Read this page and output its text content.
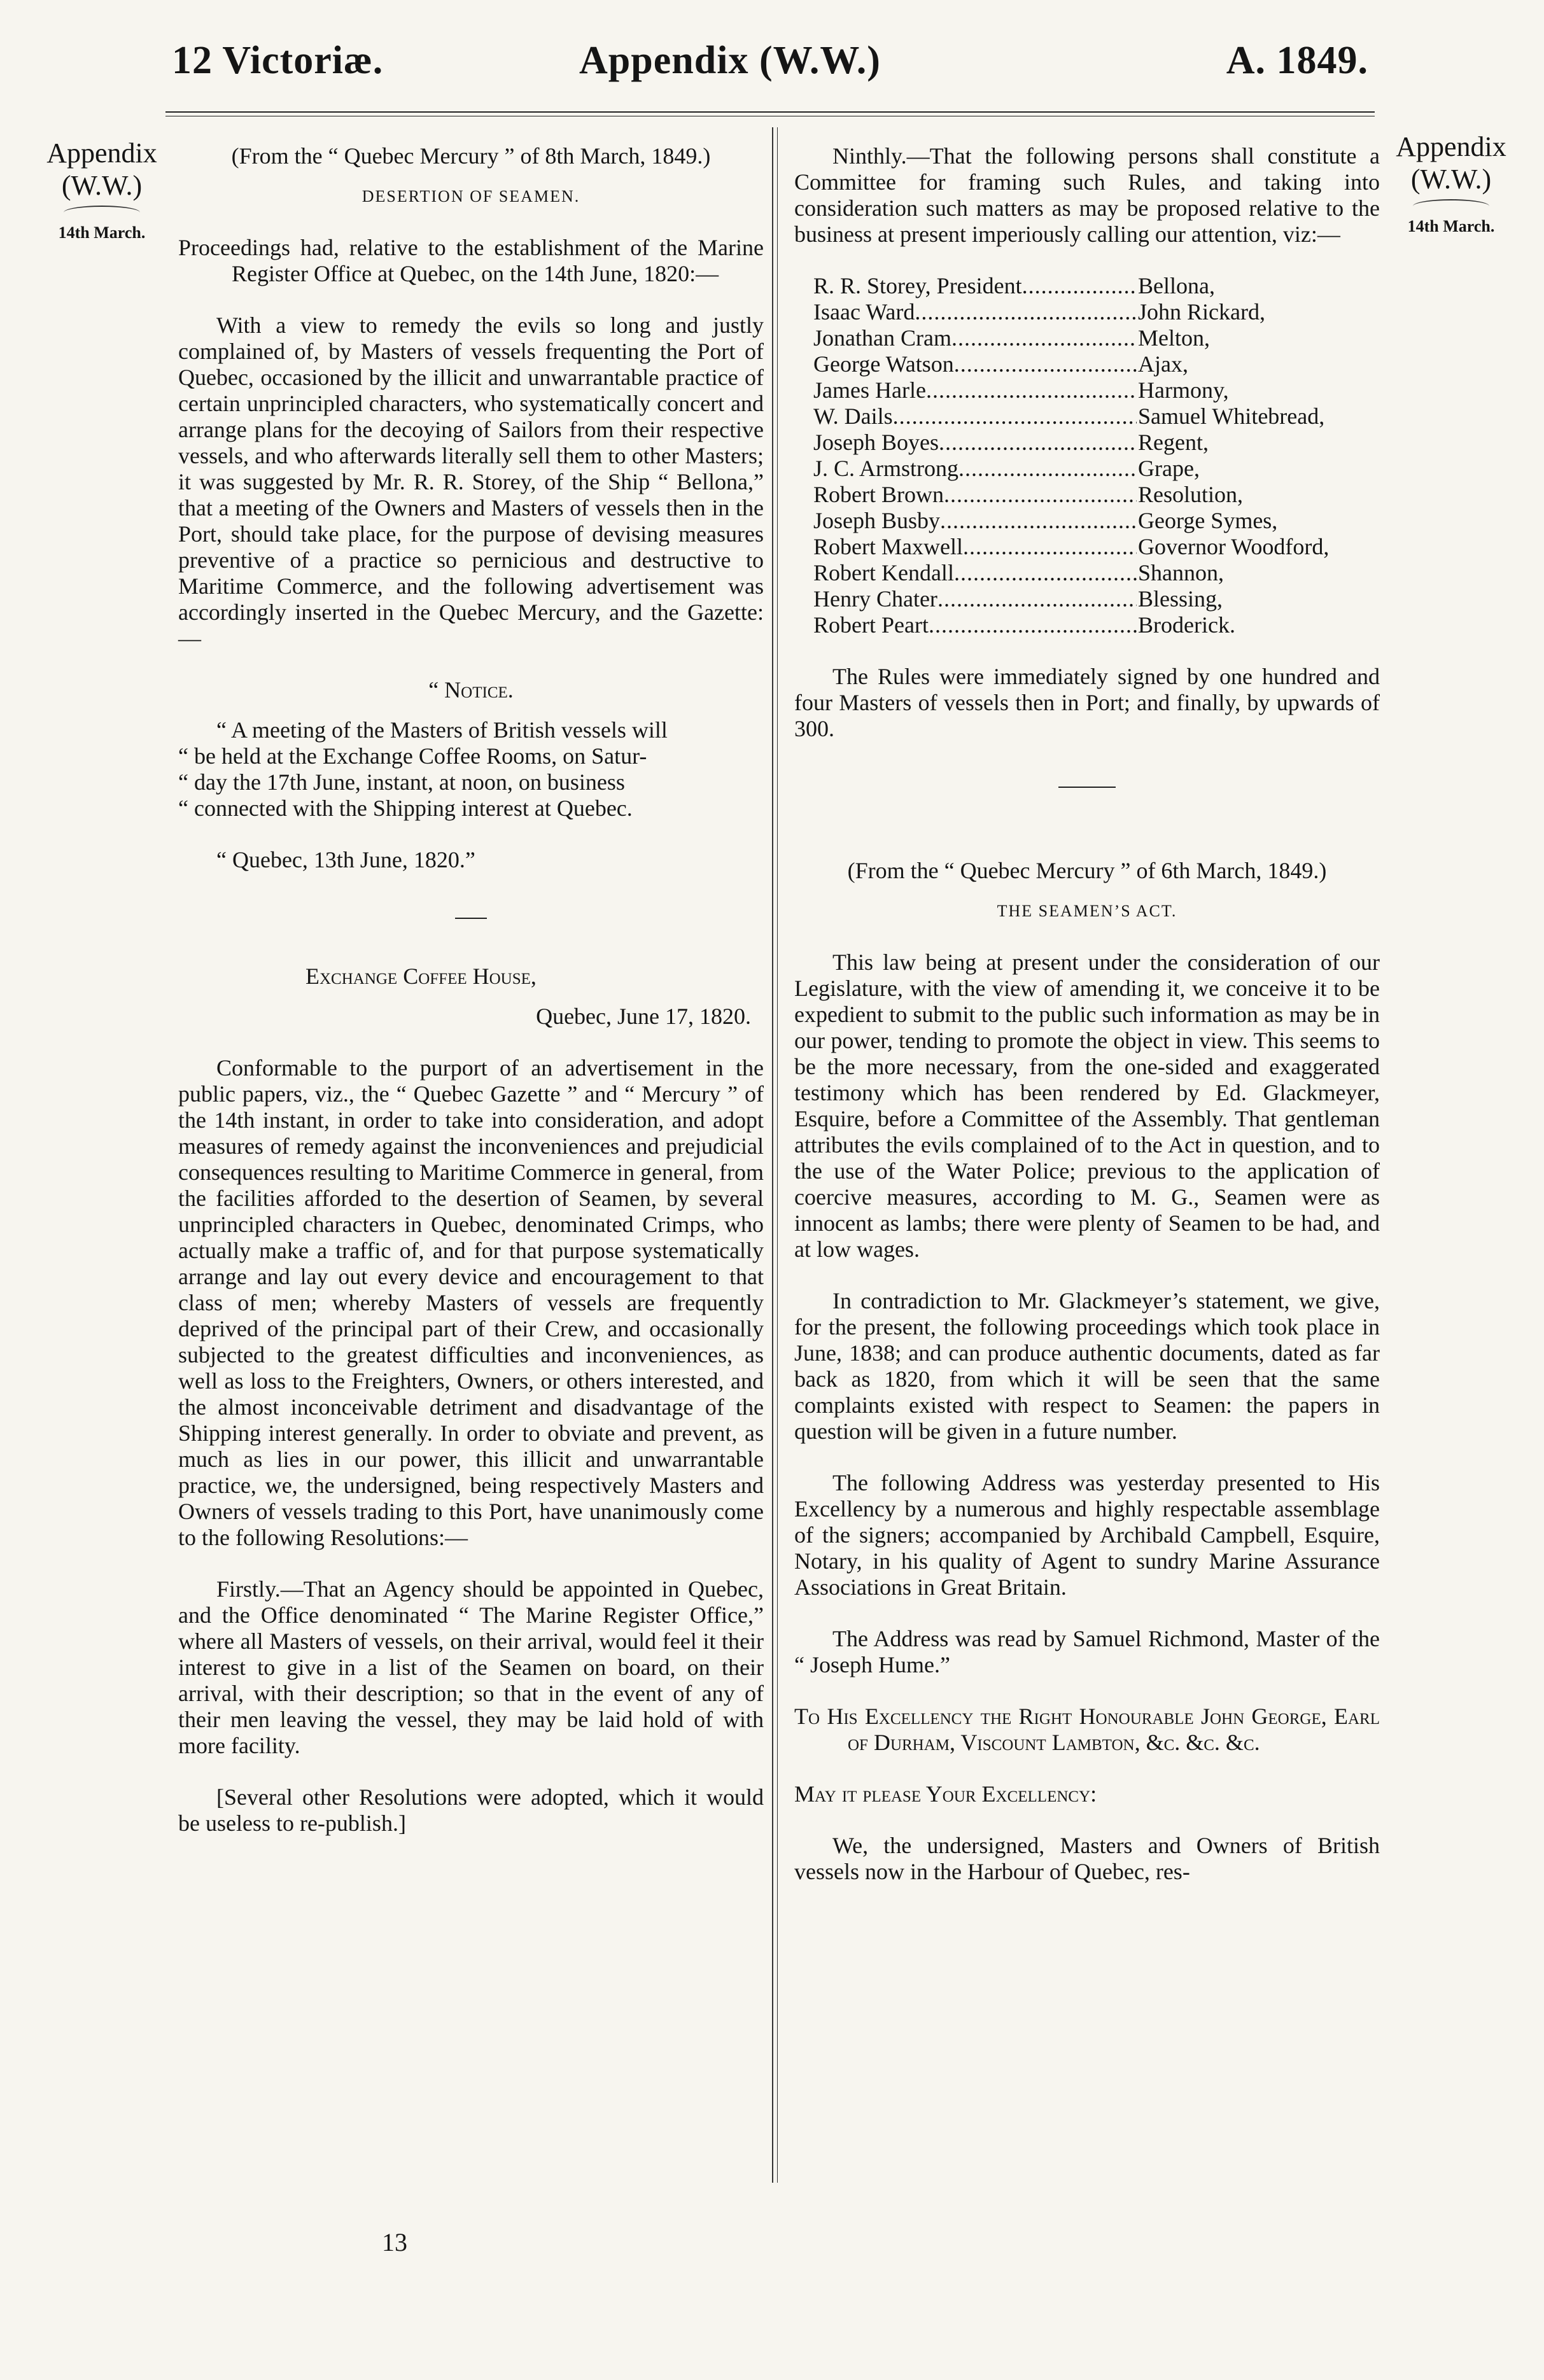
12 Victoriæ.	Appendix (W.W.)	A. 1849.
Appendix
(W.W.)
14th March.
Appendix
(W.W.)
14th March.

(From the “ Quebec Mercury ” of 8th March, 1849.)

DESERTION OF SEAMEN.

Proceedings had, relative to the establishment of the Marine Register Office at Quebec, on the 14th June, 1820:—

With a view to remedy the evils so long and justly complained of, by Masters of vessels frequenting the Port of Quebec, occasioned by the illicit and unwarrantable practice of certain unprincipled characters, who systematically concert and arrange plans for the decoying of Sailors from their respective vessels, and who afterwards literally sell them to other Masters; it was suggested by Mr. R. R. Storey, of the Ship “ Bellona,” that a meeting of the Owners and Masters of vessels then in the Port, should take place, for the purpose of devising measures preventive of a practice so pernicious and destructive to Maritime Commerce, and the following advertisement was accordingly inserted in the Quebec Mercury, and the Gazette:—

“ Notice.

“ A meeting of the Masters of British vessels will

“ be held at the Exchange Coffee Rooms, on Satur-

“ day the 17th June, instant, at noon, on business

“ connected with the Shipping interest at Quebec.

“ Quebec, 13th June, 1820.”

Exchange Coffee House,

Quebec, June 17, 1820.

Conformable to the purport of an advertisement in the public papers, viz., the “ Quebec Gazette ” and “ Mercury ” of the 14th instant, in order to take into consideration, and adopt measures of remedy against the inconveniences and prejudicial consequences resulting to Maritime Commerce in general, from the facilities afforded to the desertion of Seamen, by several unprincipled characters in Quebec, denominated Crimps, who actually make a traffic of, and for that purpose systematically arrange and lay out every device and encouragement to that class of men; whereby Masters of vessels are frequently deprived of the principal part of their Crew, and occasionally subjected to the greatest difficulties and inconveniences, as well as loss to the Freighters, Owners, or others interested, and the almost inconceivable detriment and disadvantage of the Shipping interest generally. In order to obviate and prevent, as much as lies in our power, this illicit and unwarrantable practice, we, the undersigned, being respectively Masters and Owners of vessels trading to this Port, have unanimously come to the following Resolutions:—

Firstly.—That an Agency should be appointed in Quebec, and the Office denominated “ The Marine Register Office,” where all Masters of vessels, on their arrival, would feel it their interest to give in a list of the Seamen on board, on their arrival, with their description; so that in the event of any of their men leaving the vessel, they may be laid hold of with more facility.

[Several other Resolutions were adopted, which it would be useless to re-publish.]

Ninthly.—That the following persons shall constitute a Committee for framing such Rules, and taking into consideration such matters as may be proposed relative to the business at present imperiously calling our attention, viz:—

R. R. Storey, President .....	Bellona,
Isaac Ward .....	John Rickard,
Jonathan Cram .....	Melton,
George Watson .....	Ajax,
James Harle .....	Harmony,
W. Dails .....	Samuel Whitebread,
Joseph Boyes .....	Regent,
J. C. Armstrong .....	Grape,
Robert Brown .....	Resolution,
Joseph Busby .....	George Symes,
Robert Maxwell .....	Governor Woodford,
Robert Kendall .....	Shannon,
Henry Chater .....	Blessing,
Robert Peart .....	Broderick.

The Rules were immediately signed by one hundred and four Masters of vessels then in Port; and finally, by upwards of 300.

(From the “ Quebec Mercury ” of 6th March, 1849.)

THE SEAMEN’S ACT.

This law being at present under the consideration of our Legislature, with the view of amending it, we conceive it to be expedient to submit to the public such information as may be in our power, tending to promote the object in view. This seems to be the more necessary, from the one-sided and exaggerated testimony which has been rendered by Ed. Glackmeyer, Esquire, before a Committee of the Assembly. That gentleman attributes the evils complained of to the Act in question, and to the use of the Water Police; previous to the application of coercive measures, according to M. G., Seamen were as innocent as lambs; there were plenty of Seamen to be had, and at low wages.

In contradiction to Mr. Glackmeyer’s statement, we give, for the present, the following proceedings which took place in June, 1838; and can produce authentic documents, dated as far back as 1820, from which it will be seen that the same complaints existed with respect to Seamen: the papers in question will be given in a future number.

The following Address was yesterday presented to His Excellency by a numerous and highly respectable assemblage of the signers; accompanied by Archibald Campbell, Esquire, Notary, in his quality of Agent to sundry Marine Assurance Associations in Great Britain.

The Address was read by Samuel Richmond, Master of the “ Joseph Hume.”

To His Excellency the Right Honourable John George, Earl of Durham, Viscount Lambton, &c. &c. &c.

May it please Your Excellency:

We, the undersigned, Masters and Owners of British vessels now in the Harbour of Quebec, res-

13
